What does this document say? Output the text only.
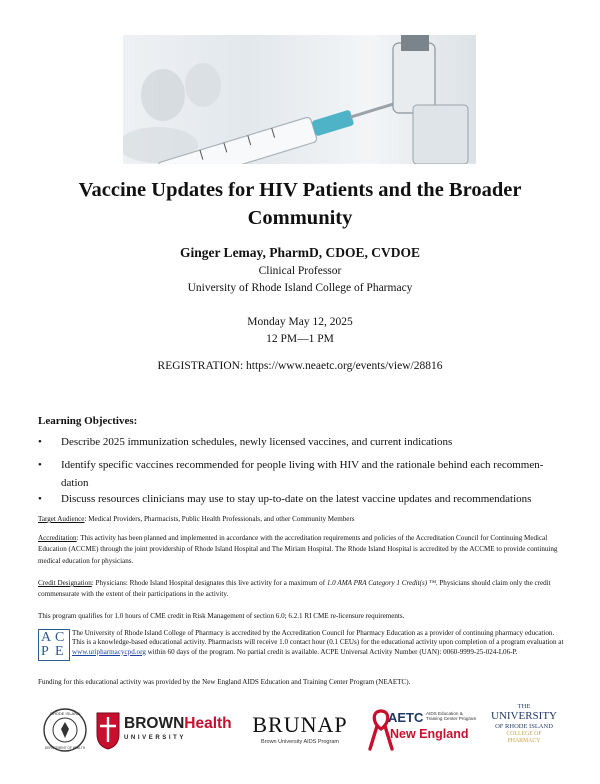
Vaccine Updates for HIV Patients and the Broader
Community
Ginger Lemay, PharmD, CDOE, CVDOE
Clinical Professor
University of Rhode Island College of Pharmacy
Monday May 12, 2025
12 PM—1 PM
REGISTRATION: https://www.neaetc.org/events/view/28816
Learning Objectives:
•	Describe 2025 immunization schedules, newly licensed vaccines, and current indications
•	Identify specific vaccines recommended for people living with HIV and the rationale behind each recommen-dation
•	Discuss resources clinicians may use to stay up-to-date on the latest vaccine updates and recommendations
Target Audience: Medical Providers, Pharmacists, Public Health Professionals, and other Community Members
Accreditation: This activity has been planned and implemented in accordance with the accreditation requirements and policies of the Accreditation Council for Continuing Medical Education (ACCME) through the joint providership of Rhode Island Hospital and The Miriam Hospital. The Rhode Island Hospital is accredited by the ACCME to provide continuing medical education for physicians.
Credit Designation: Physicians: Rhode Island Hospital designates this live activity for a maximum of 1.0 AMA PRA Category 1 Credit(s) ™. Physicians should claim only the credit commensurate with the extent of their participations in the activity.
This program qualifies for 1.0 hours of CME credit in Risk Management of section 6.0; 6.2.1 RI CME re-licensure requirements.
A C
P E
The University of Rhode Island College of Pharmacy is accredited by the Accreditation Council for Pharmacy Education as a provider of continuing pharmacy education. This is a knowledge-based educational activity. Pharmacists will receive 1.0 contact hour (0.1 CEUs) for the educational activity upon completion of a program evaluation at www.uripharmacycpd.org within 60 days of the program. No partial credit is available. ACPE Universal Activity Number (UAN): 0060-9999-25-024-L06-P.
Funding for this educational activity was provided by the New England AIDS Education and Training Center Program (NEAETC).
RHODE ISLAND
DEPARTMENT OF HEALTH
BROWNHealth
UNIVERSITY
BRUNAP
Brown University AIDS Program
AETC AIDS Education &
Training Center Program
New England
THE
UNIVERSITY
OF RHODE ISLAND
COLLEGE OF
PHARMACY
